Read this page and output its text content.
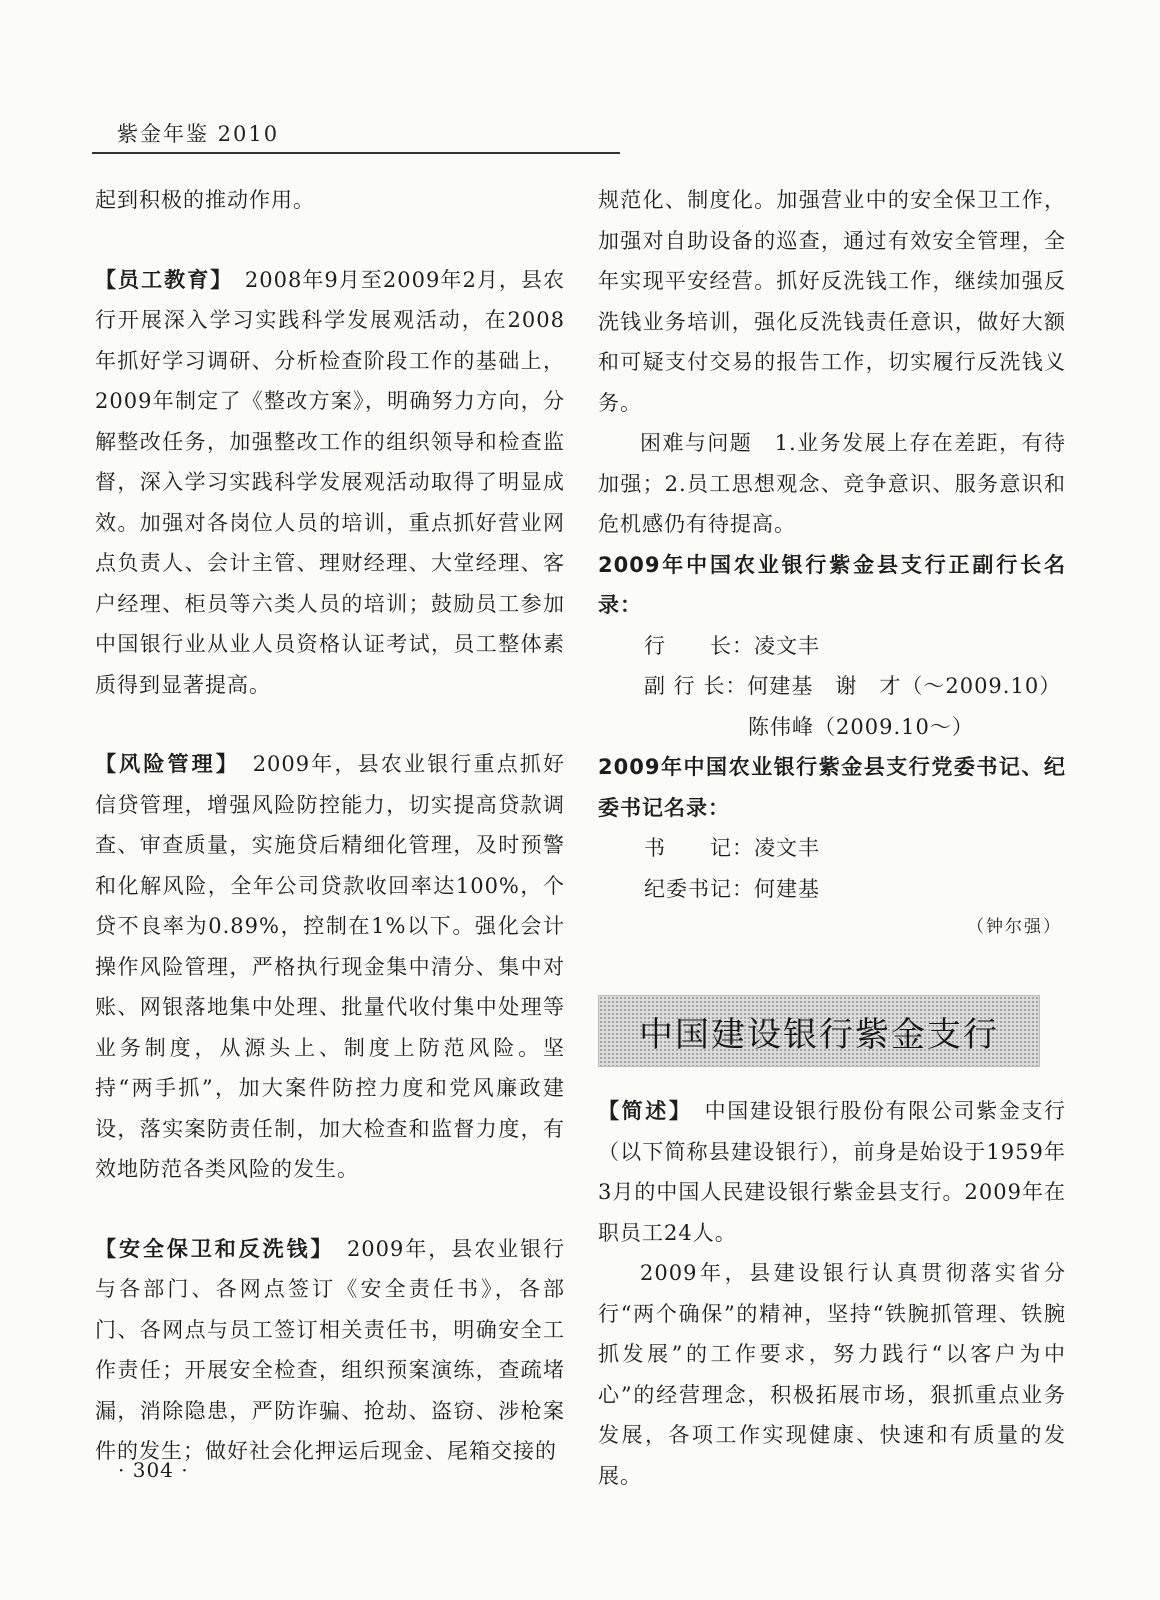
紫金年鉴 2010

起到积极的推动作用。

【员工教育】　 2008年9月至2009年2月，县农行开展深入学习实践科学发展观活动，在2008年抓好学习调研、分析检查阶段工作的基础上，2009年制定了《整改方案》，明确努力方向，分解整改任务，加强整改工作的组织领导和检查监督，深入学习实践科学发展观活动取得了明显成效。加强对各岗位人员的培训，重点抓好营业网点负责人、会计主管、理财经理、大堂经理、客户经理、柜员等六类人员的培训；鼓励员工参加中国银行业从业人员资格认证考试，员工整体素质得到显著提高。

【风险管理】　 2009年，县农业银行重点抓好信贷管理，增强风险防控能力，切实提高贷款调查、审查质量，实施贷后精细化管理，及时预警和化解风险，全年公司贷款收回率达100%，个贷不良率为0.89%，控制在1%以下。强化会计操作风险管理，严格执行现金集中清分、集中对账、网银落地集中处理、批量代收付集中处理等业务制度，从源头上、制度上防范风险。坚持“两手抓”，加大案件防控力度和党风廉政建设，落实案防责任制，加大检查和监督力度，有效地防范各类风险的发生。

【安全保卫和反洗钱】　 2009年，县农业银行与各部门、各网点签订《安全责任书》，各部门、各网点与员工签订相关责任书，明确安全工作责任；开展安全检查，组织预案演练，查疏堵漏，消除隐患，严防诈骗、抢劫、盗窃、涉枪案件的发生；做好社会化押运后现金、尾箱交接的

规范化、制度化。加强营业中的安全保卫工作，加强对自助设备的巡查，通过有效安全管理，全年实现平安经营。抓好反洗钱工作，继续加强反洗钱业务培训，强化反洗钱责任意识，做好大额和可疑支付交易的报告工作，切实履行反洗钱义务。

困难与问题　 1.业务发展上存在差距，有待加强；2.员工思想观念、竞争意识、服务意识和危机感仍有待提高。

2009年中国农业银行紫金县支行正副行长名录：

行　　长：凌文丰
副 行 长：何建基　谢　才（～2009.10）
陈伟峰（2009.10～）

2009年中国农业银行紫金县支行党委书记、纪委书记名录：

书　　记：凌文丰
纪委书记：何建基
（钟尔强）
中国建设银行紫金支行

【简述】　 中国建设银行股份有限公司紫金支行（以下简称县建设银行），前身是始设于1959年3月的中国人民建设银行紫金县支行。2009年在职员工24人。

2009年，县建设银行认真贯彻落实省分行“两个确保”的精神，坚持“铁腕抓管理、铁腕抓发展”的工作要求，努力践行“以客户为中心”的经营理念，积极拓展市场，狠抓重点业务发展，各项工作实现健康、快速和有质量的发展。

· 304 ·
